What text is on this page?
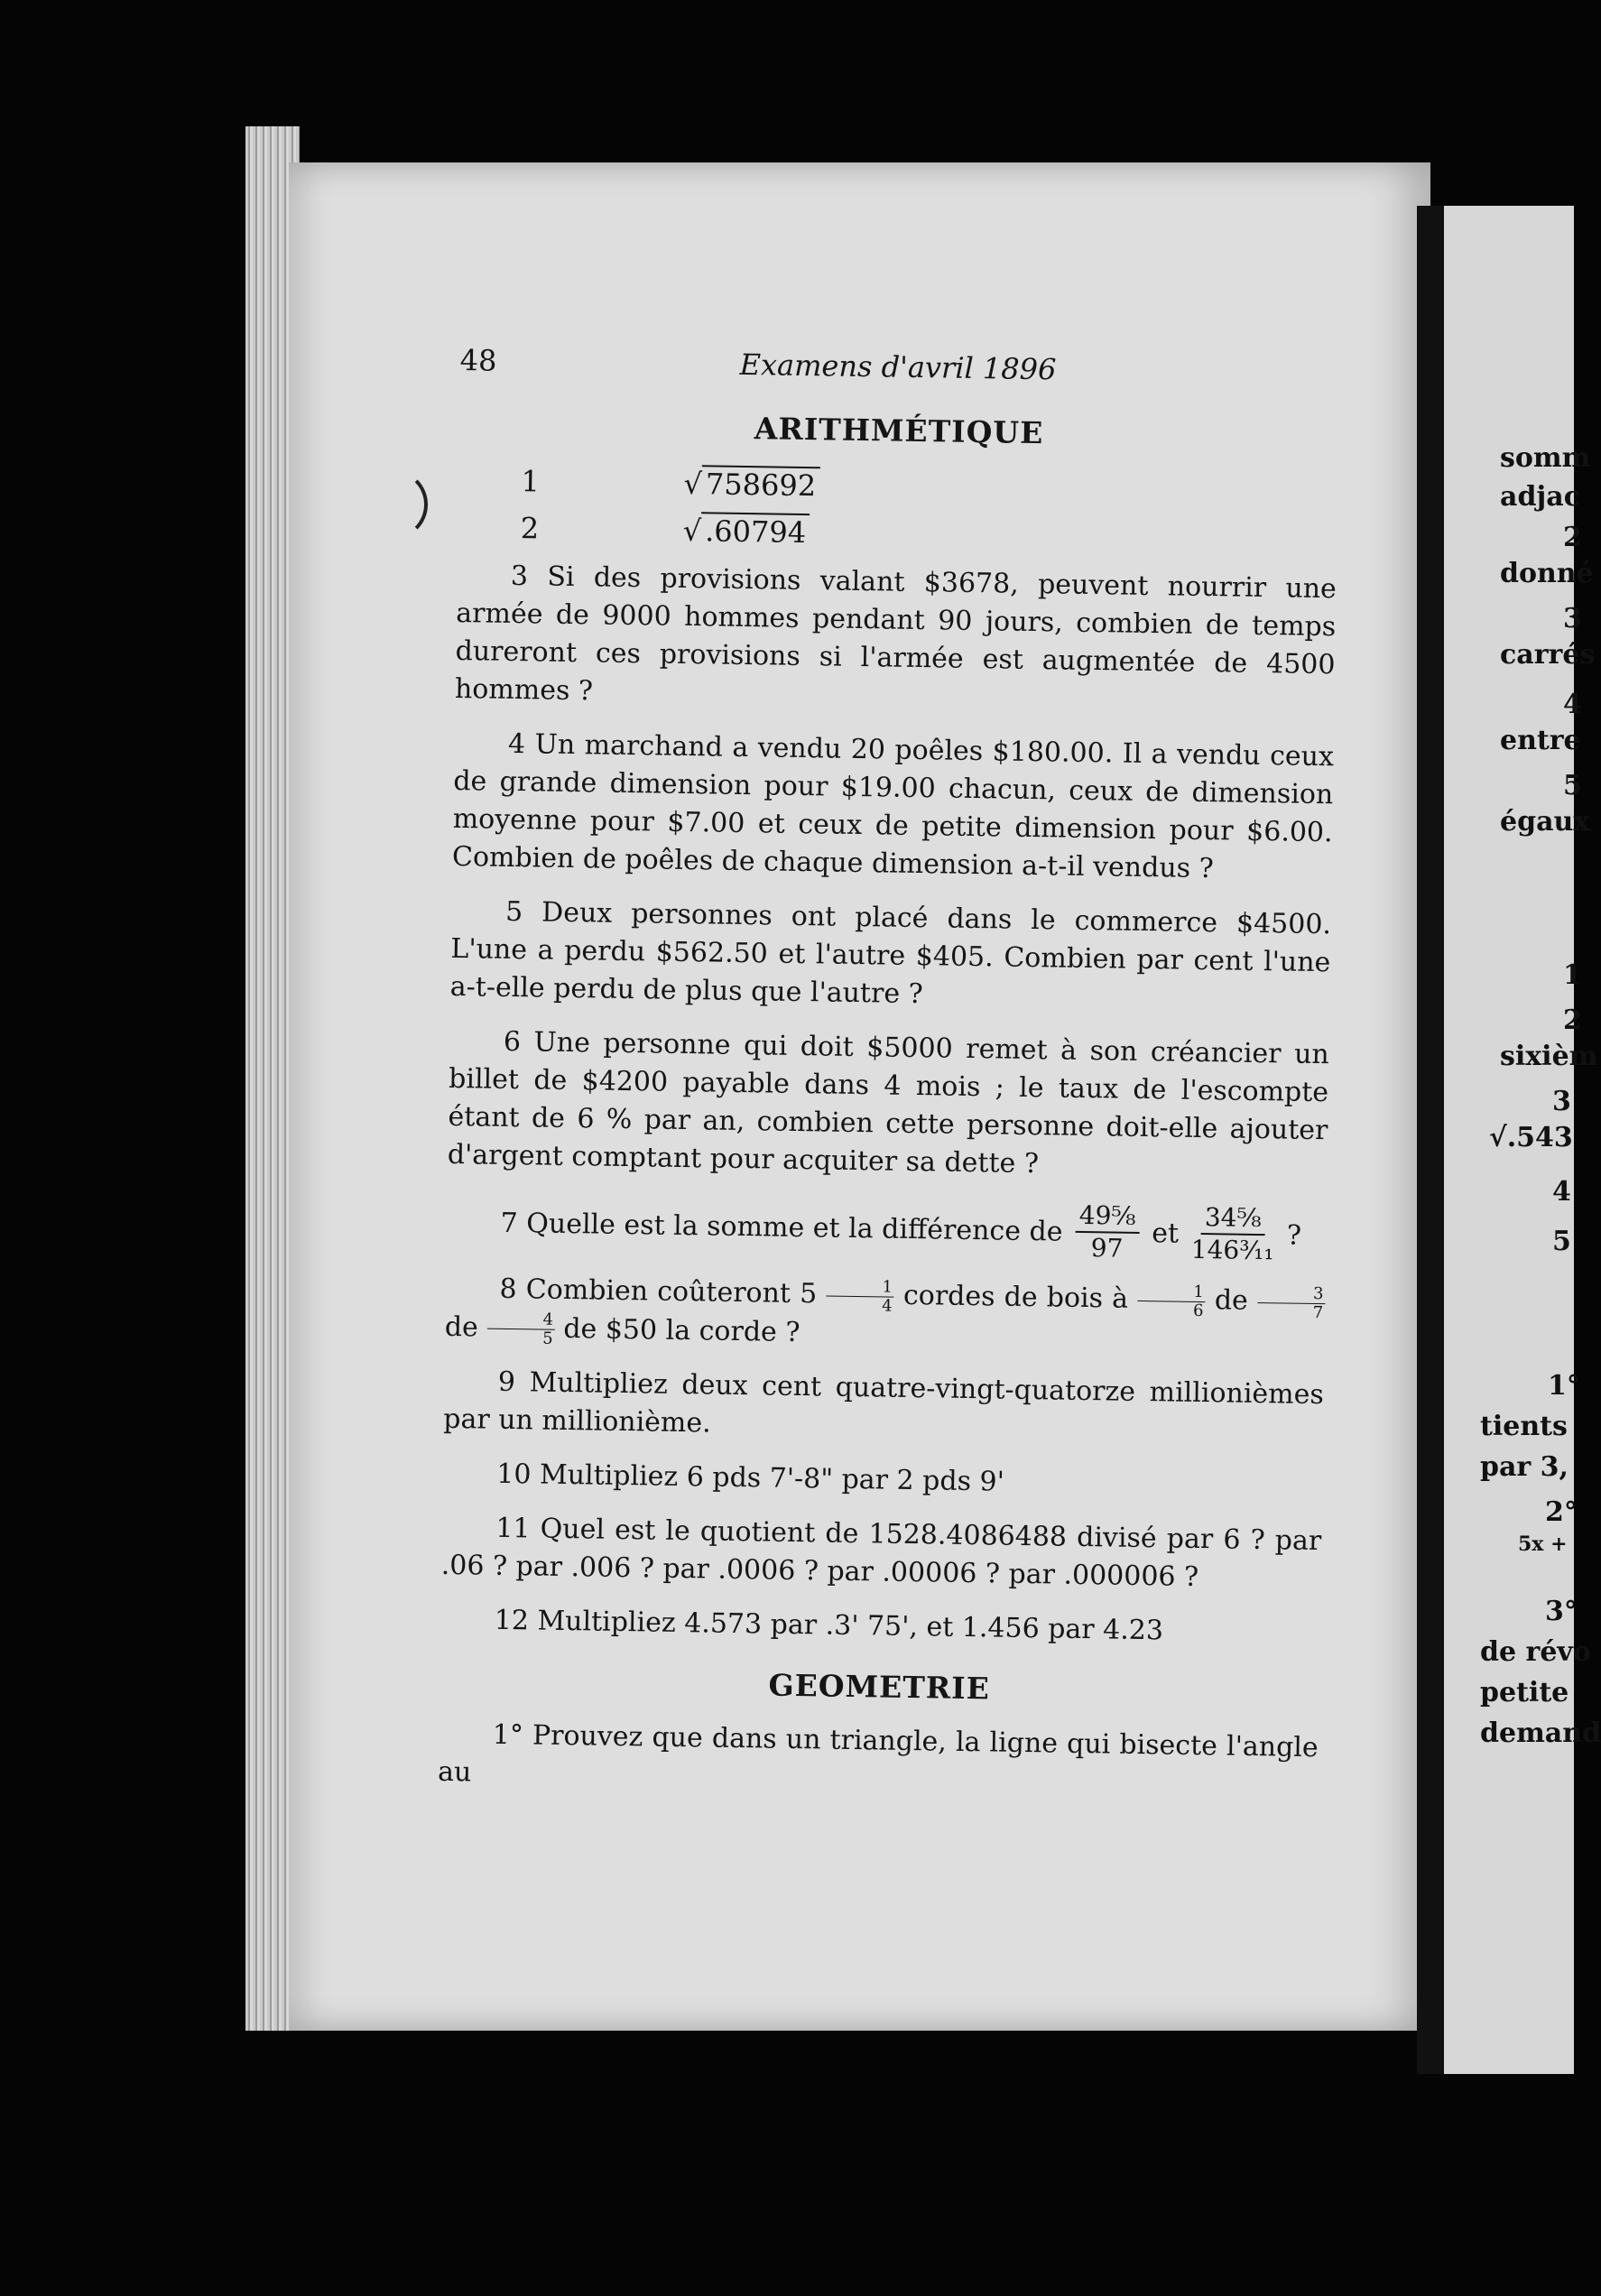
48	Examens d'avril 1896
ARITHMÉTIQUE
1	√ 758692
2	√ .60794

3 Si des provisions valant $3678, peuvent nourrir une armée de 9000 hommes pendant 90 jours, combien de temps dureront ces provisions si l'armée est augmentée de 4500 hommes ?

4 Un marchand a vendu 20 poêles $180.00. Il a vendu ceux de grande dimension pour $19.00 chacun, ceux de dimension moyenne pour $7.00 et ceux de petite dimension pour $6.00. Combien de poêles de chaque dimension a-t-il vendus ?

5 Deux personnes ont placé dans le commerce $4500. L'une a perdu $562.50 et l'autre $405. Combien par cent l'une a-t-elle perdu de plus que l'autre ?

6 Une personne qui doit $5000 remet à son créancier un billet de $4200 payable dans 4 mois ; le taux de l'escompte étant de 6 % par an, combien cette personne doit-elle ajouter d'argent comptant pour acquiter sa dette ?

7 Quelle est la somme et la différence de $\frac{\text{49⅝}}{97}$ et $\frac{\text{34⅝}}{\text{146³⁄₁₁}}$ ?

8 Combien coûteront $5 \frac{1}{4}$ cordes de bois à $\frac{1}{6}$ de $\frac{3}{7}$
de $\frac{4}{5}$ de $50 la corde ?

9 Multipliez deux cent quatre-vingt-quatorze millionièmes par un millionième.

10 Multipliez 6 pds 7'-8" par 2 pds 9'

11 Quel est le quotient de 1528.4086488 divisé par 6 ? par .06 ? par .006 ? par .0006 ? par .00006 ? par .000006 ?

12 Multipliez 4.573 par .3' 75', et 1.456 par 4.23

GEOMETRIE

1° Prouvez que dans un triangle, la ligne qui bisecte l'angle au

somm
adjac
2
donné
3
carrés
4
entre
5
égaux
1
2
sixièm
3
√.543
4
5
1°
tients
par 3,
2°
5x +
3°
de révo
petite
demand
